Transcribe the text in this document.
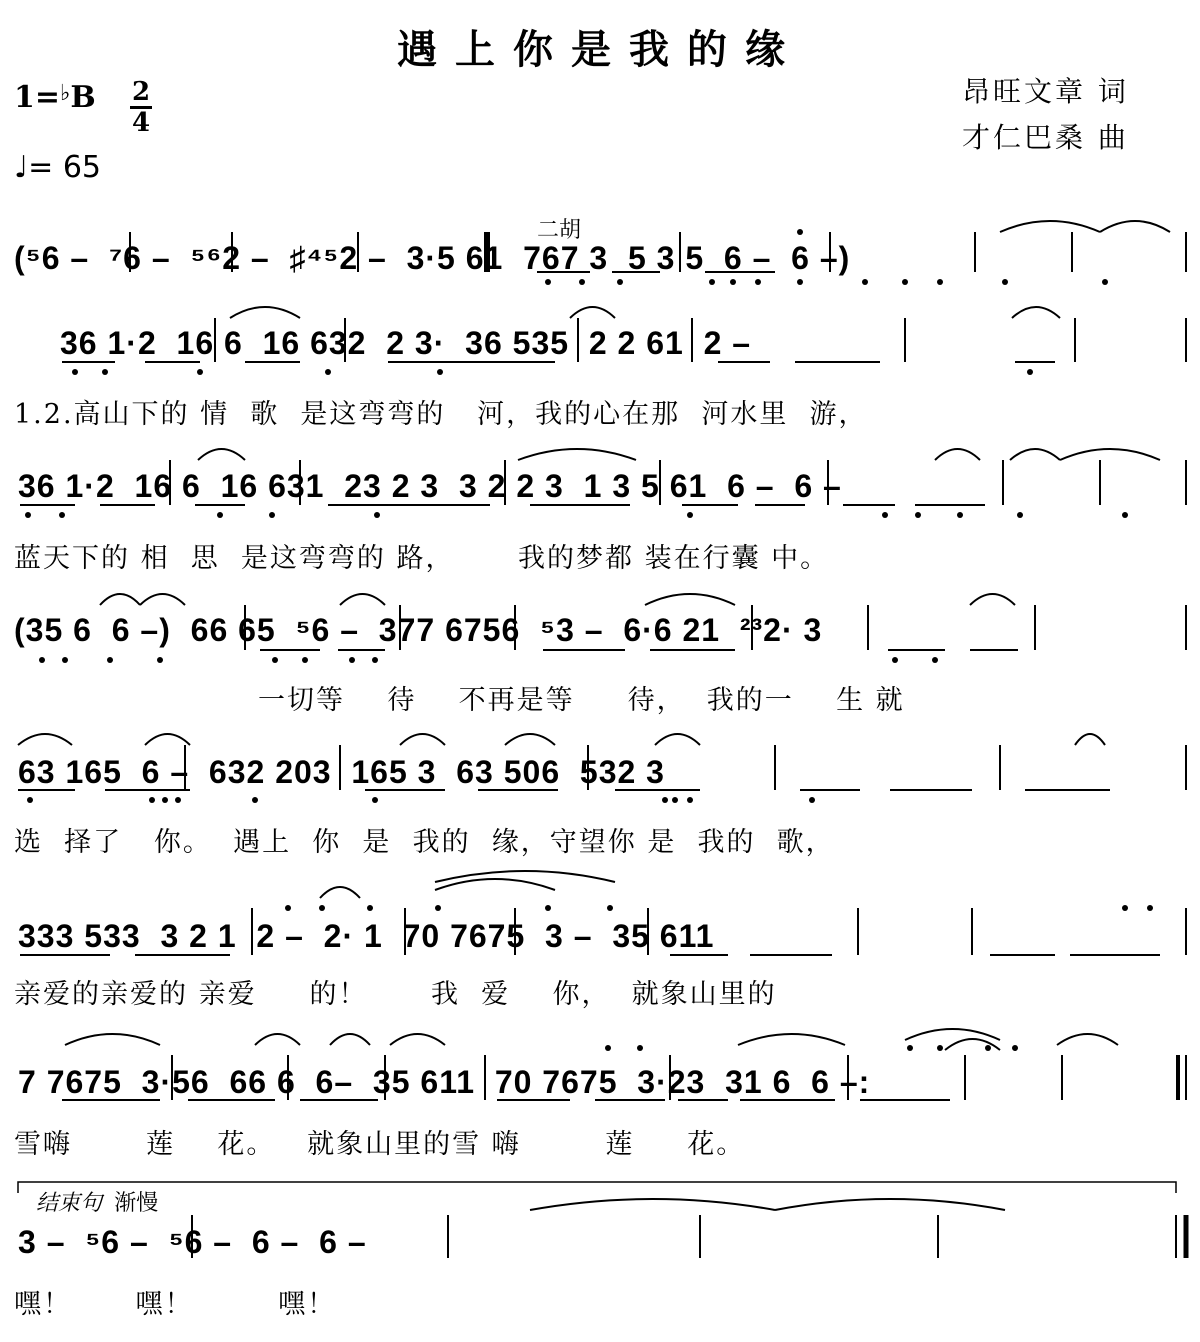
遇上你是我的缘
昂旺文章 词
才仁巴桑 曲
1=♭B 2
4
♩= 65
二胡
(⁵6 –  ⁷6 –  ⁵⁶2 –  ♯⁴⁵2 –  3·5 61  767 3  5 3 5  6 –  6 –)
36 1·2  16 6  16 632  2 3·  36 535  2 2 61  2 –
1.2.高山下的 情  歌  是这弯弯的   河，我的心在那  河水里  游，
36 1·2  16 6  16 631  23 2 3  3 2 2 3  1 3 5 61  6 –  6 –
蓝天下的 相  思  是这弯弯的 路，      我的梦都 装在行囊 中。
(35 6  6 –)  66 65  ⁵6 –  377 6756  ⁵3 –  6·6 21  ²³2· 3
一切等    待    不再是等     待，  我的一    生 就
63 165  6 –  632 203  165 3  63 506  532 3
选  择了   你。  遇上  你  是  我的  缘，守望你 是  我的  歌，
333 533  3 2 1  2 –  2· 1  70 7675  3 –  35 611
亲爱的亲爱的 亲爱     的！      我  爱    你，  就象山里的
7 7675  3·56  66 6  6–  35 611  70 7675  3·23  31 6  6 –:
雪嗨       莲    花。   就象山里的雪 嗨        莲     花。
结束句 渐慢
3 –  ⁵6 –  ⁵6 –  6 –  6 –
嘿！      嘿！        嘿！
